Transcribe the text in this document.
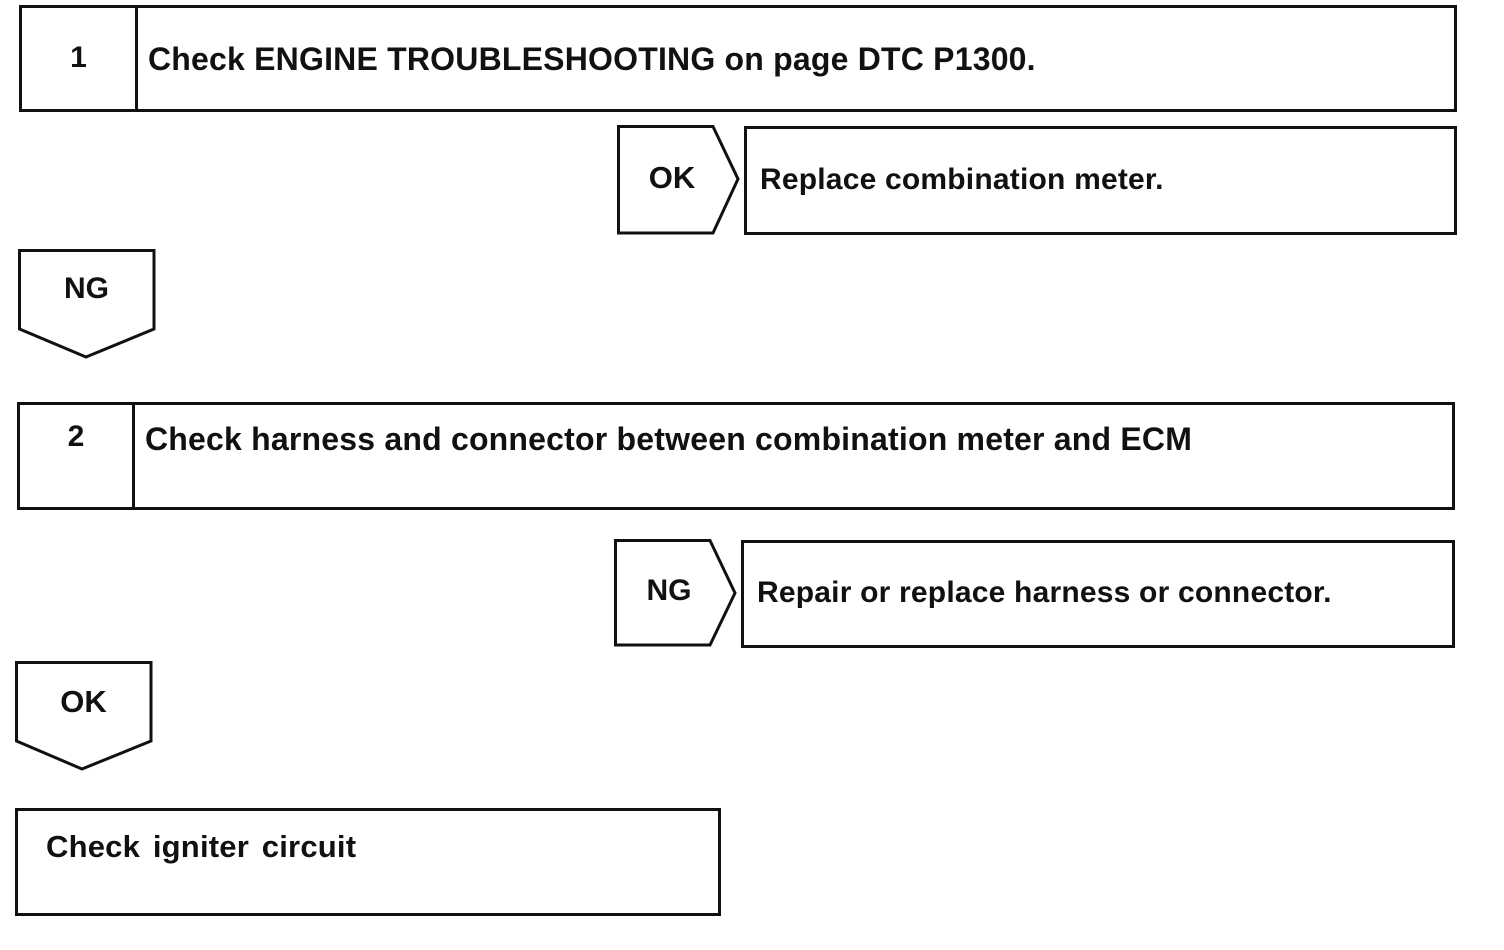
1	Check ENGINE TROUBLESHOOTING on page DTC P1300.
OK	Replace combination meter.
NG
2	Check harness and connector between combination meter and ECM
NG	Repair or replace harness or connector.
OK
Check igniter circuit
